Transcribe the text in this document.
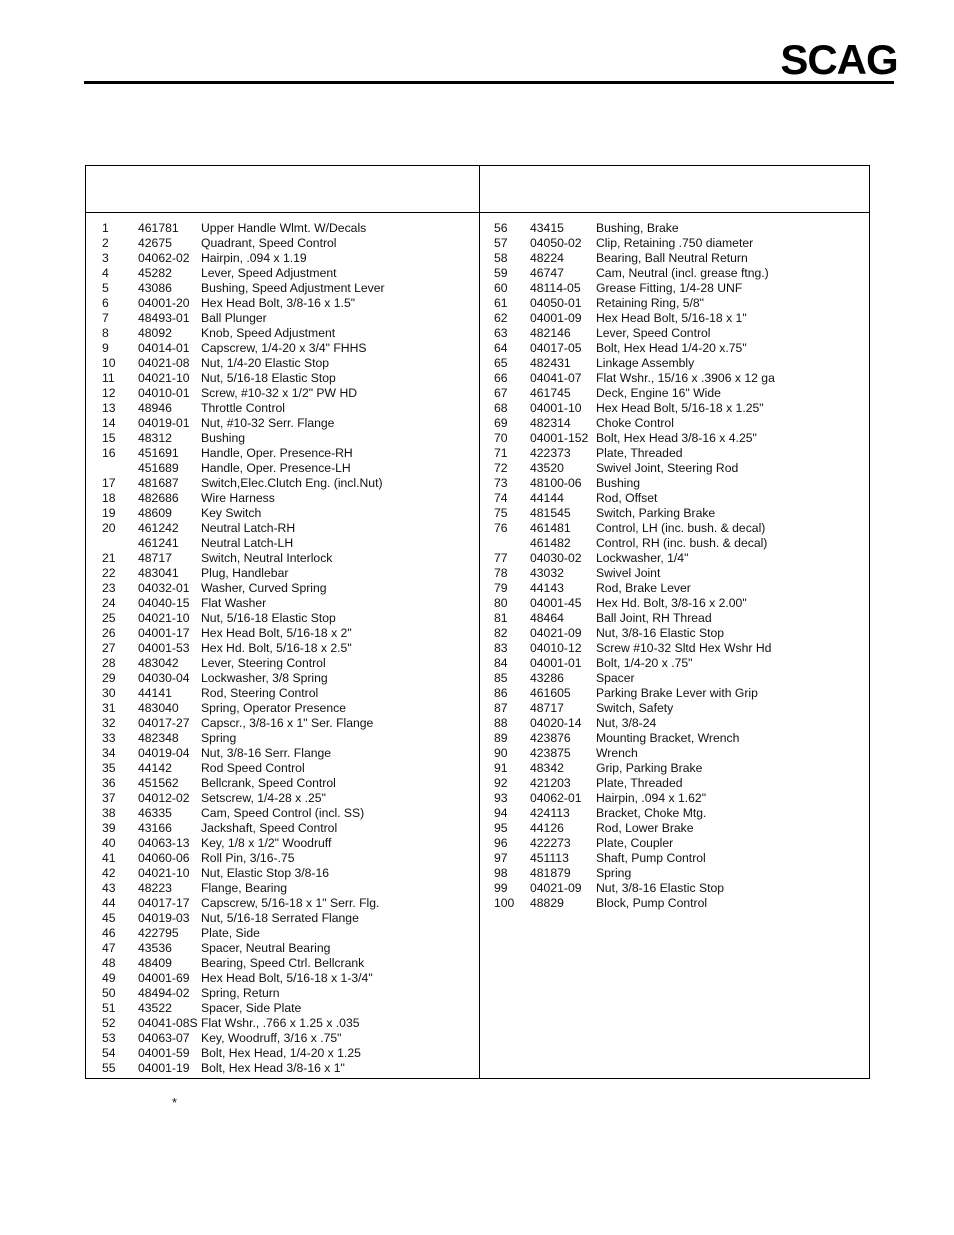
SCAG
1 461781 Upper Handle Wlmt. W/Decals
2 42675 Quadrant, Speed Control
3 04062-02 Hairpin, .094 x 1.19
4 45282 Lever, Speed Adjustment
5 43086 Bushing, Speed Adjustment Lever
6 04001-20 Hex Head Bolt, 3/8-16 x 1.5"
7 48493-01 Ball Plunger
8 48092 Knob, Speed Adjustment
9 04014-01 Capscrew, 1/4-20 x 3/4" FHHS
10 04021-08 Nut, 1/4-20 Elastic Stop
11 04021-10 Nut, 5/16-18 Elastic Stop
12 04010-01 Screw, #10-32 x 1/2" PW HD
13 48946 Throttle Control
14 04019-01 Nut, #10-32 Serr. Flange
15 48312 Bushing
16 451691 Handle, Oper. Presence-RH
451689 Handle, Oper. Presence-LH
17 481687 Switch,Elec.Clutch Eng. (incl.Nut)
18 482686 Wire Harness
19 48609 Key Switch
20 461242 Neutral Latch-RH
461241 Neutral Latch-LH
21 48717 Switch, Neutral Interlock
22 483041 Plug, Handlebar
23 04032-01 Washer, Curved Spring
24 04040-15 Flat Washer
25 04021-10 Nut, 5/16-18 Elastic Stop
26 04001-17 Hex Head Bolt, 5/16-18 x 2"
27 04001-53 Hex Hd. Bolt, 5/16-18 x 2.5"
28 483042 Lever, Steering Control
29 04030-04 Lockwasher, 3/8 Spring
30 44141 Rod, Steering Control
31 483040 Spring, Operator Presence
32 04017-27 Capscr., 3/8-16 x 1" Ser. Flange
33 482348 Spring
34 04019-04 Nut, 3/8-16 Serr. Flange
35 44142 Rod Speed Control
36 451562 Bellcrank, Speed Control
37 04012-02 Setscrew, 1/4-28 x .25"
38 46335 Cam, Speed Control (incl. SS)
39 43166 Jackshaft, Speed Control
40 04063-13 Key, 1/8 x 1/2" Woodruff
41 04060-06 Roll Pin, 3/16-.75
42 04021-10 Nut, Elastic Stop 3/8-16
43 48223 Flange, Bearing
44 04017-17 Capscrew, 5/16-18 x 1" Serr. Flg.
45 04019-03 Nut, 5/16-18 Serrated Flange
46 422795 Plate, Side
47 43536 Spacer, Neutral Bearing
48 48409 Bearing, Speed Ctrl. Bellcrank
49 04001-69 Hex Head Bolt, 5/16-18 x 1-3/4"
50 48494-02 Spring, Return
51 43522 Spacer, Side Plate
52 04041-08S Flat Wshr., .766 x 1.25 x .035
53 04063-07 Key, Woodruff, 3/16 x .75"
54 04001-59 Bolt, Hex Head, 1/4-20 x 1.25
55 04001-19 Bolt, Hex Head 3/8-16 x 1"
56 43415	Bushing, Brake
57 04050-02 Clip, Retaining .750 diameter
58 48224	Bearing, Ball Neutral Return
59 46747	Cam, Neutral (incl. grease ftng.)
60 48114-05 Grease Fitting, 1/4-28 UNF
61 04050-01 Retaining Ring, 5/8"
62 04001-09 Hex Head Bolt, 5/16-18 x 1"
63 482146 Lever, Speed Control
64 04017-05 Bolt, Hex Head 1/4-20 x.75"
65 482431 Linkage Assembly
66 04041-07 Flat Wshr., 15/16 x .3906 x 12 ga
67 461745 Deck, Engine 16" Wide
68 04001-10 Hex Head Bolt, 5/16-18 x 1.25"
69 482314 Choke Control
70 04001-152 Bolt, Hex Head 3/8-16 x 4.25"
71 422373 Plate, Threaded
72 43520	Swivel Joint, Steering Rod
73 48100-06 Bushing
74 44144	Rod, Offset
75 481545 Switch, Parking Brake
76 461481 Control, LH (inc. bush. & decal)
461482 Control, RH (inc. bush. & decal)
77 04030-02 Lockwasher, 1/4"
78 43032	Swivel Joint
79 44143	Rod, Brake Lever
80 04001-45 Hex Hd. Bolt, 3/8-16 x 2.00"
81 48464	Ball Joint, RH Thread
82 04021-09 Nut, 3/8-16 Elastic Stop
83 04010-12 Screw #10-32 Sltd Hex Wshr Hd
84 04001-01 Bolt, 1/4-20 x .75"
85 43286	Spacer
86 461605 Parking Brake Lever with Grip
87 48717	Switch, Safety
88 04020-14 Nut, 3/8-24
89 423876 Mounting Bracket, Wrench
90 423875 Wrench
91 48342	Grip, Parking Brake
92 421203 Plate, Threaded
93 04062-01 Hairpin, .094 x 1.62"
94 424113 Bracket, Choke Mtg.
95 44126	Rod, Lower Brake
96 422273 Plate, Coupler
97 451113 Shaft, Pump Control
98 481879 Spring
99 04021-09 Nut, 3/8-16 Elastic Stop
100 48829	Block, Pump Control
*
